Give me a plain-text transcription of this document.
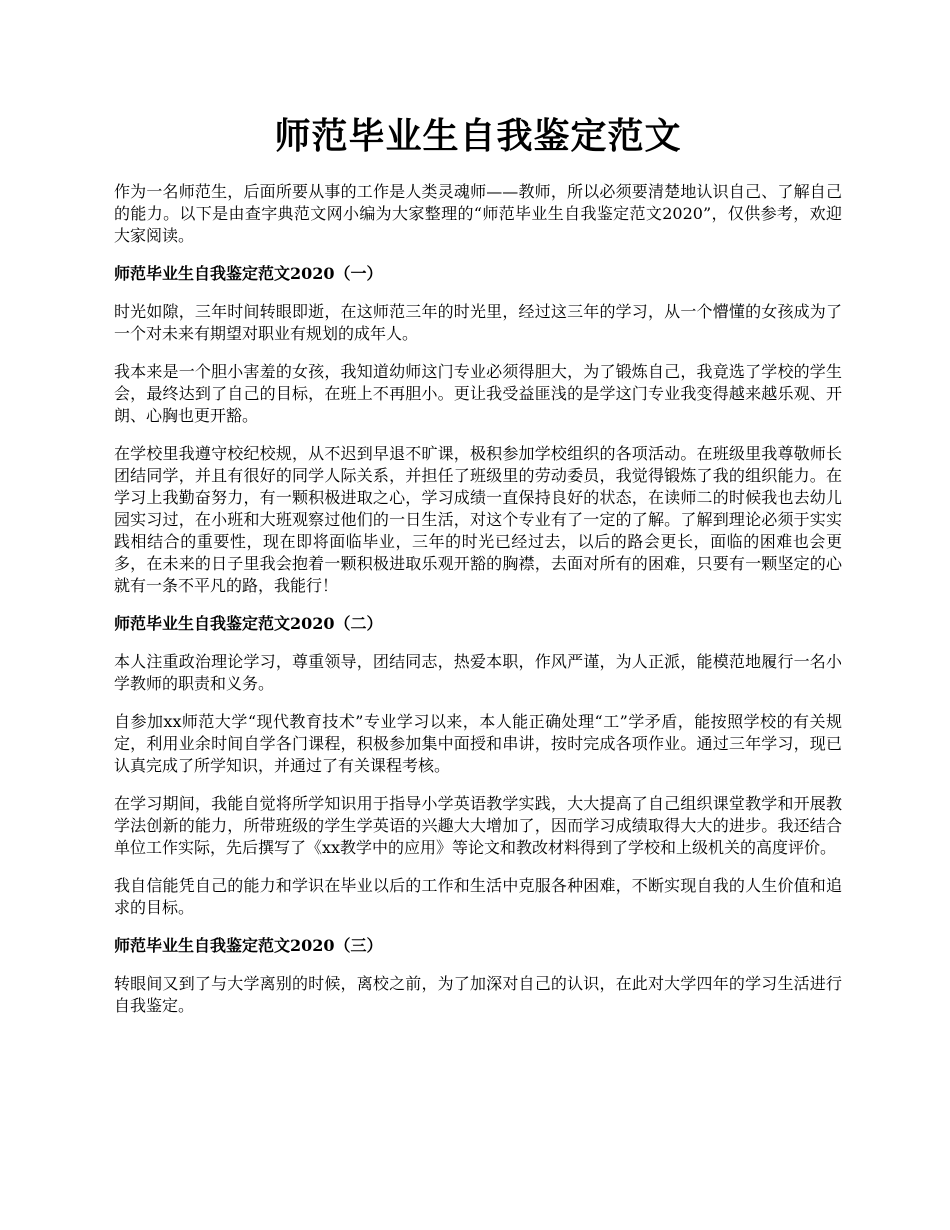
师范毕业生自我鉴定范文

作为一名师范生，后面所要从事的工作是人类灵魂师——教师，所以必须要清楚地认识自己、了解自己的能力。以下是由查字典范文网小编为大家整理的“师范毕业生自我鉴定范文2020”，仅供参考，欢迎大家阅读。

师范毕业生自我鉴定范文2020（一）

时光如隙，三年时间转眼即逝，在这师范三年的时光里，经过这三年的学习，从一个懵懂的女孩成为了一个对未来有期望对职业有规划的成年人。

我本来是一个胆小害羞的女孩，我知道幼师这门专业必须得胆大，为了锻炼自己，我竟选了学校的学生会，最终达到了自己的目标，在班上不再胆小。更让我受益匪浅的是学这门专业我变得越来越乐观、开朗、心胸也更开豁。

在学校里我遵守校纪校规，从不迟到早退不旷课，极积参加学校组织的各项活动。在班级里我尊敬师长团结同学，并且有很好的同学人际关系，并担任了班级里的劳动委员，我觉得锻炼了我的组织能力。在学习上我勤奋努力，有一颗积极进取之心，学习成绩一直保持良好的状态，在读师二的时候我也去幼儿园实习过，在小班和大班观察过他们的一日生活，对这个专业有了一定的了解。了解到理论必须于实实践相结合的重要性，现在即将面临毕业，三年的时光已经过去，以后的路会更长，面临的困难也会更多，在未来的日子里我会抱着一颗积极进取乐观开豁的胸襟，去面对所有的困难，只要有一颗坚定的心就有一条不平凡的路，我能行！

师范毕业生自我鉴定范文2020（二）

本人注重政治理论学习，尊重领导，团结同志，热爱本职，作风严谨，为人正派，能模范地履行一名小学教师的职责和义务。

自参加xx师范大学“现代教育技术”专业学习以来，本人能正确处理“工”学矛盾，能按照学校的有关规定，利用业余时间自学各门课程，积极参加集中面授和串讲，按时完成各项作业。通过三年学习，现已认真完成了所学知识，并通过了有关课程考核。

在学习期间，我能自觉将所学知识用于指导小学英语教学实践，大大提高了自己组织课堂教学和开展教学法创新的能力，所带班级的学生学英语的兴趣大大增加了，因而学习成绩取得大大的进步。我还结合单位工作实际，先后撰写了《xx教学中的应用》等论文和教改材料得到了学校和上级机关的高度评价。

我自信能凭自己的能力和学识在毕业以后的工作和生活中克服各种困难，不断实现自我的人生价值和追求的目标。

师范毕业生自我鉴定范文2020（三）

转眼间又到了与大学离别的时候，离校之前，为了加深对自己的认识，在此对大学四年的学习生活进行自我鉴定。
